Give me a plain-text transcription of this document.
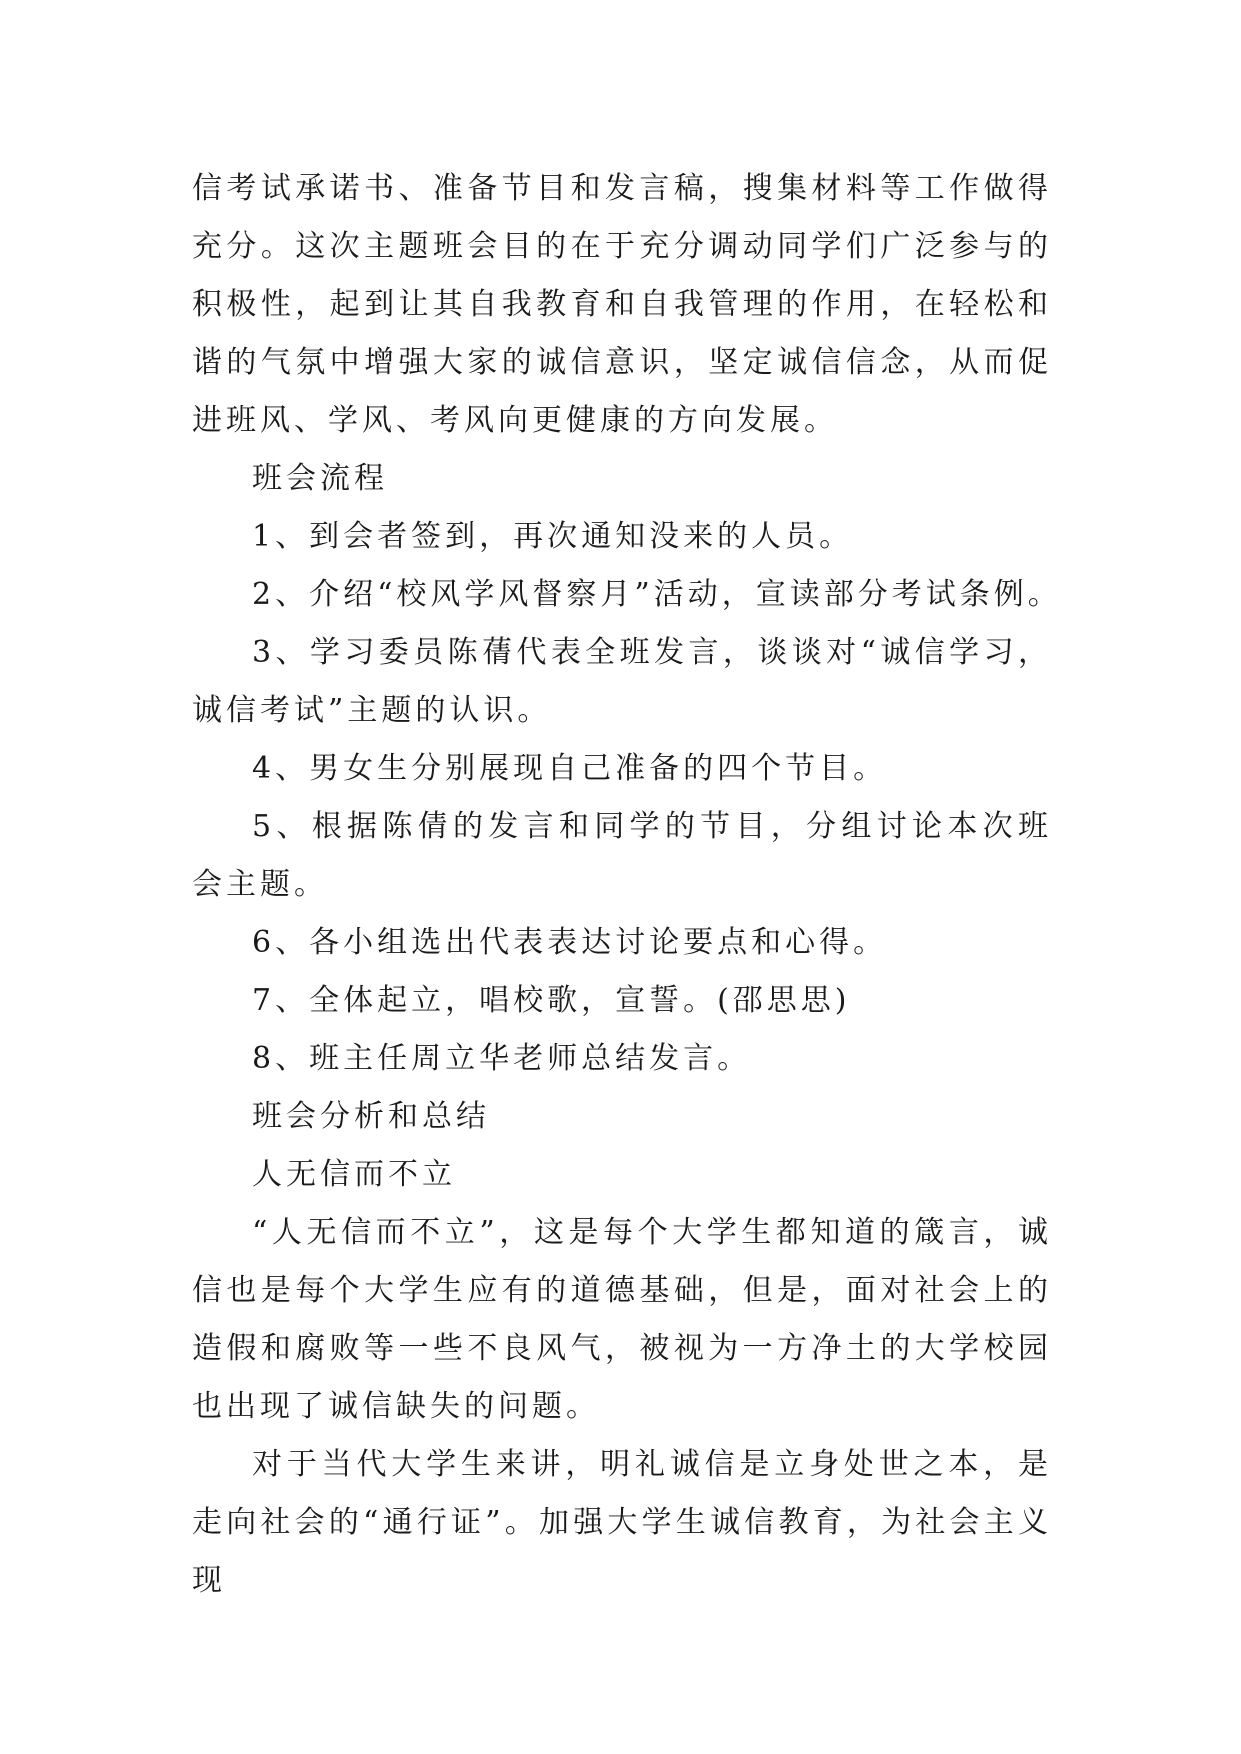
信考试承诺书、准备节目和发言稿，搜集材料等工作做得充分。这次主题班会目的在于充分调动同学们广泛参与的积极性，起到让其自我教育和自我管理的作用，在轻松和谐的气氛中增强大家的诚信意识，坚定诚信信念，从而促进班风、学风、考风向更健康的方向发展。

班会流程

1、到会者签到，再次通知没来的人员。

2、介绍“校风学风督察月”活动，宣读部分考试条例。

3、学习委员陈蒨代表全班发言，谈谈对“诚信学习，诚信考试”主题的认识。

4、男女生分别展现自己准备的四个节目。

5、根据陈倩的发言和同学的节目，分组讨论本次班会主题。

6、各小组选出代表表达讨论要点和心得。

7、全体起立，唱校歌，宣誓。(邵思思)

8、班主任周立华老师总结发言。

班会分析和总结

人无信而不立

“人无信而不立”，这是每个大学生都知道的箴言，诚信也是每个大学生应有的道德基础，但是，面对社会上的造假和腐败等一些不良风气，被视为一方净土的大学校园也出现了诚信缺失的问题。

对于当代大学生来讲，明礼诚信是立身处世之本，是走向社会的“通行证”。加强大学生诚信教育，为社会主义现
